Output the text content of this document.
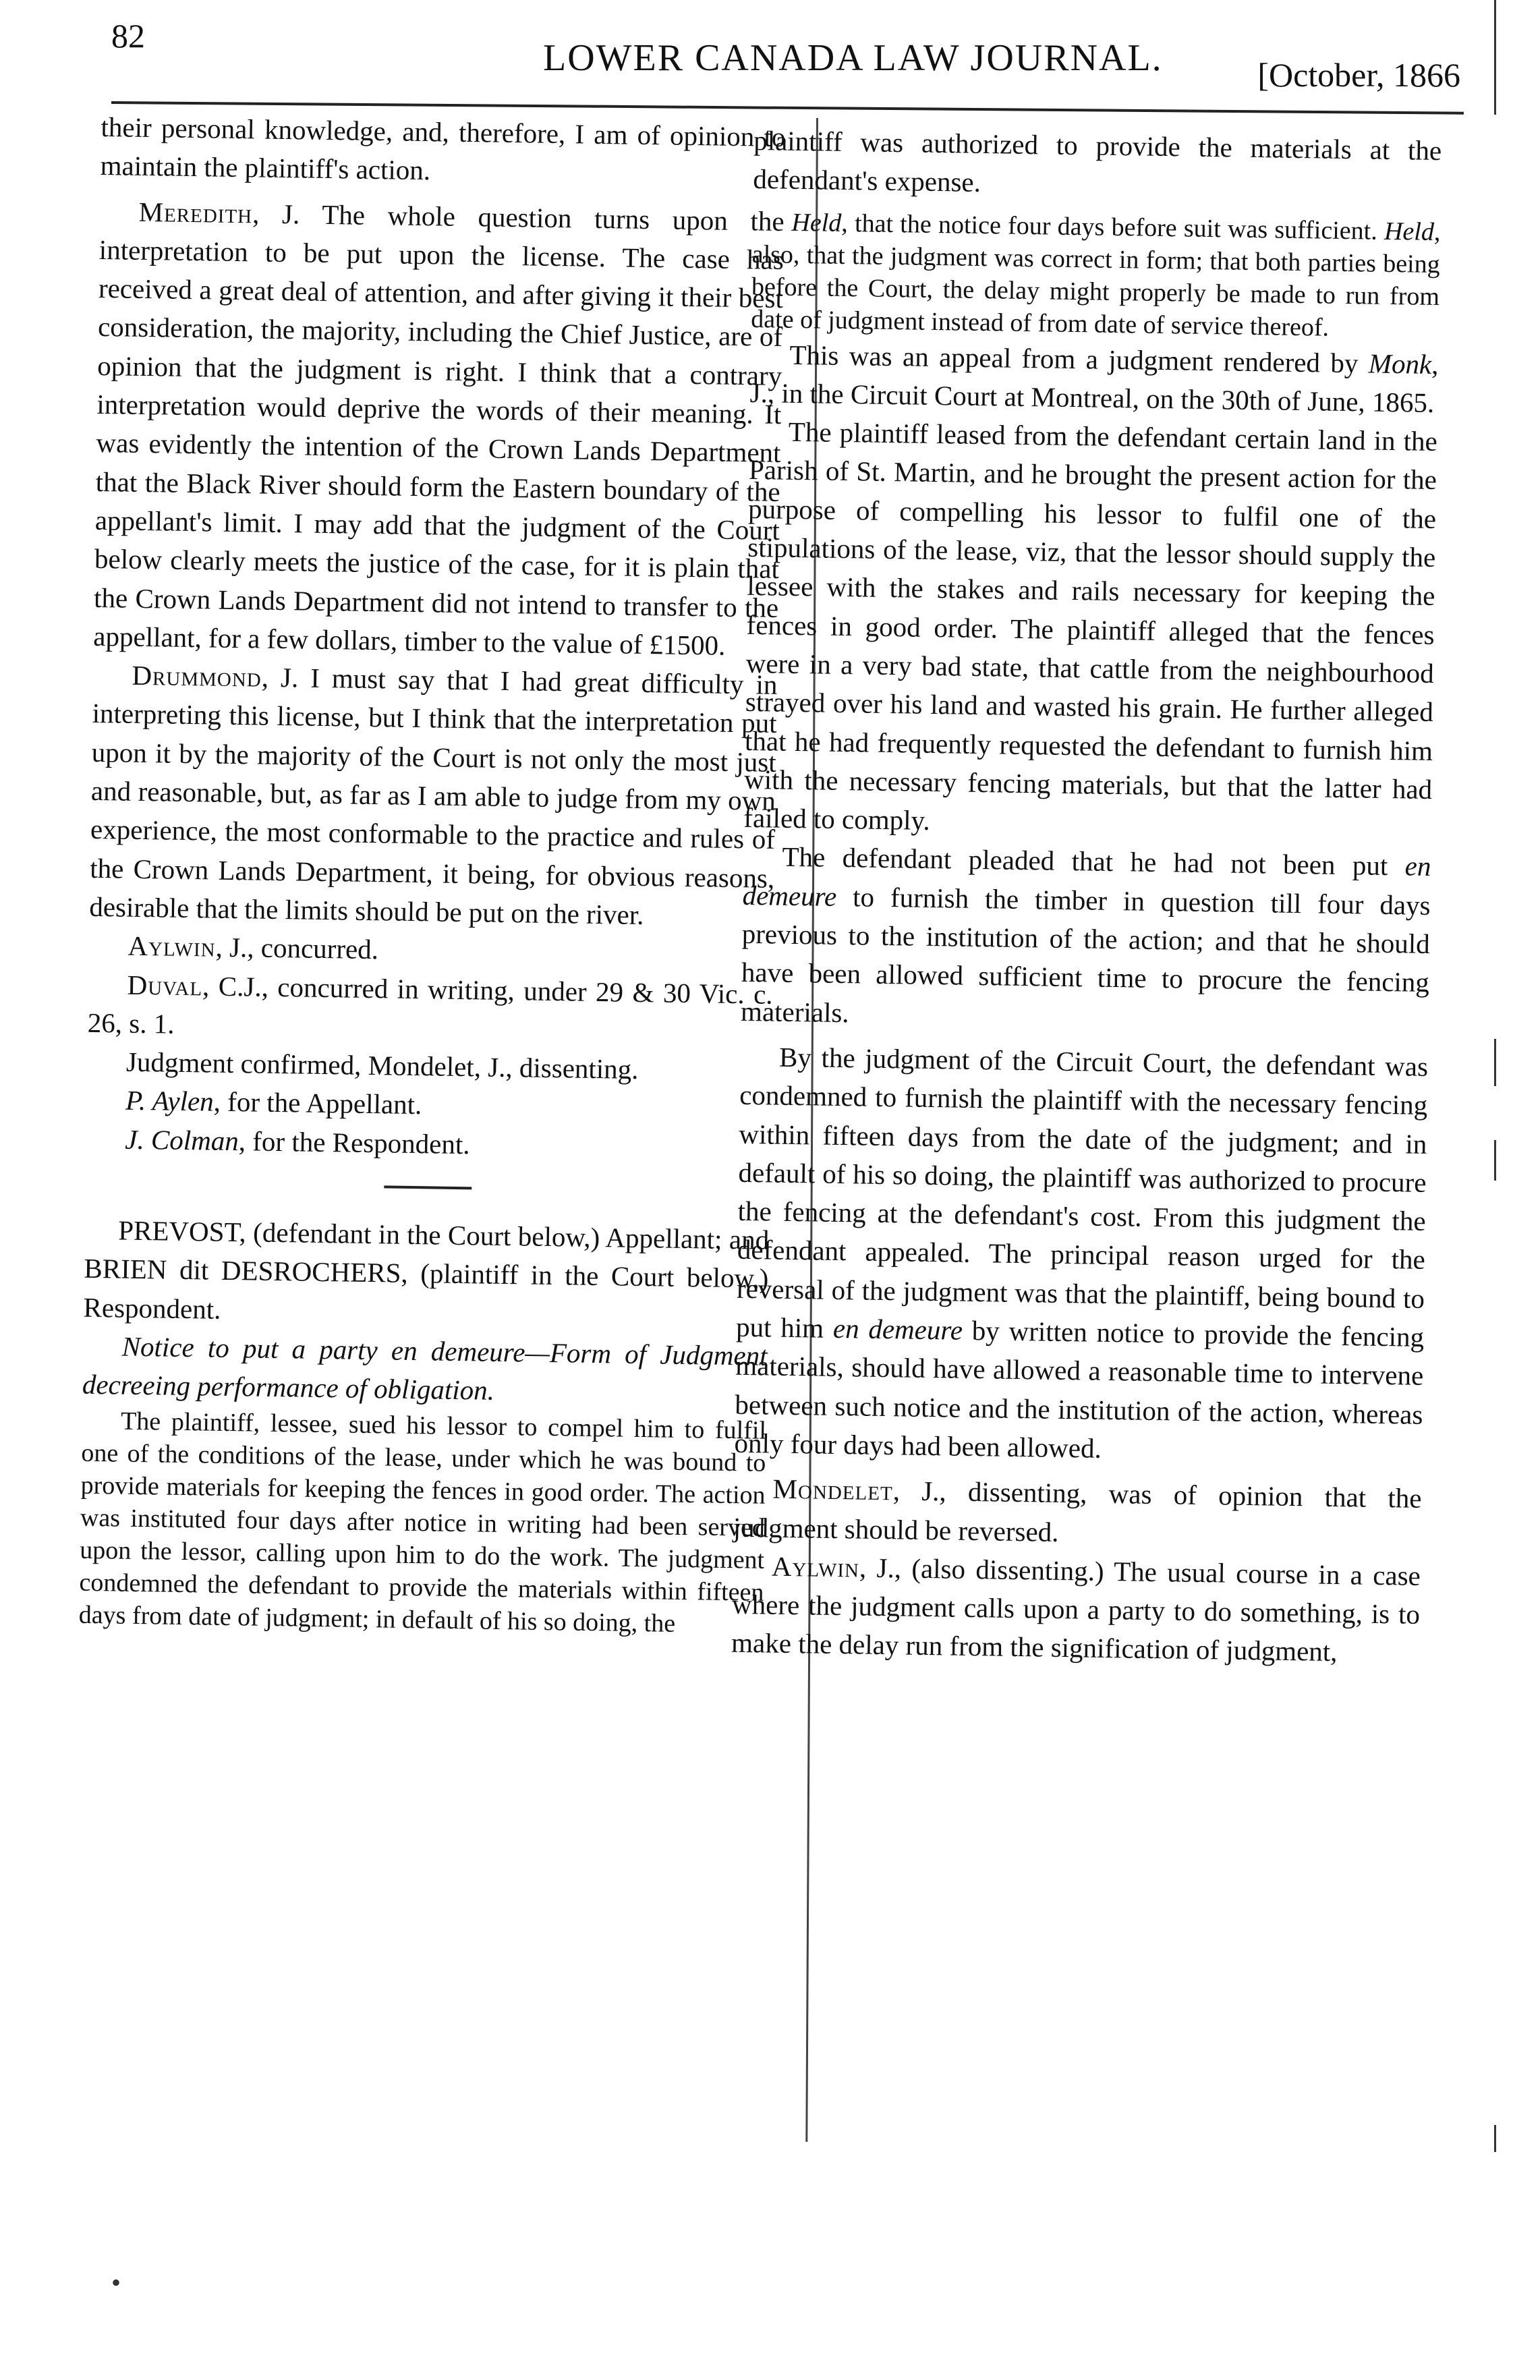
82
LOWER CANADA LAW JOURNAL.	[October, 1866
•

their personal knowledge, and, therefore, I am of opinion to maintain the plaintiff's action.

Meredith, J. The whole question turns upon the interpretation to be put upon the license. The case has received a great deal of attention, and after giving it their best consideration, the majority, including the Chief Justice, are of opinion that the judgment is right. I think that a contrary interpretation would deprive the words of their meaning. It was evidently the intention of the Crown Lands Department that the Black River should form the Eastern boundary of the appellant's limit. I may add that the judgment of the Court below clearly meets the justice of the case, for it is plain that the Crown Lands Department did not intend to transfer to the appellant, for a few dollars, timber to the value of £1500.

Drummond, J. I must say that I had great difficulty in interpreting this license, but I think that the interpretation put upon it by the majority of the Court is not only the most just and reasonable, but, as far as I am able to judge from my own experience, the most conformable to the practice and rules of the Crown Lands Department, it being, for obvious reasons, desirable that the limits should be put on the river.

Aylwin, J., concurred.

Duval, C.J., concurred in writing, under 29 & 30 Vic. c. 26, s. 1.

Judgment confirmed, Mondelet, J., dissenting.

P. Aylen, for the Appellant.

J. Colman, for the Respondent.

PREVOST, (defendant in the Court below,) Appellant; and BRIEN dit DESROCHERS, (plaintiff in the Court below,) Respondent.

Notice to put a party en demeure—Form of Judgment decreeing performance of obligation.

The plaintiff, lessee, sued his lessor to compel him to fulfil one of the conditions of the lease, under which he was bound to provide materials for keeping the fences in good order. The action was instituted four days after notice in writing had been served upon the lessor, calling upon him to do the work. The judgment condemned the defendant to provide the materials within fifteen days from date of judgment; in default of his so doing, the

plaintiff was authorized to provide the materials at the defendant's expense.

Held, that the notice four days before suit was sufficient. Held, also, that the judgment was correct in form; that both parties being before the Court, the delay might properly be made to run from date of judgment instead of from date of service thereof.

This was an appeal from a judgment rendered by Monk, J., in the Circuit Court at Montreal, on the 30th of June, 1865.

The plaintiff leased from the defendant certain land in the Parish of St. Martin, and he brought the present action for the purpose of compelling his lessor to fulfil one of the stipulations of the lease, viz, that the lessor should supply the lessee with the stakes and rails necessary for keeping the fences in good order. The plaintiff alleged that the fences were in a very bad state, that cattle from the neighbourhood strayed over his land and wasted his grain. He further alleged that he had frequently requested the defendant to furnish him with the necessary fencing materials, but that the latter had failed to comply.

The defendant pleaded that he had not been put en demeure to furnish the timber in question till four days previous to the institution of the action; and that he should have been allowed sufficient time to procure the fencing materials.

By the judgment of the Circuit Court, the defendant was condemned to furnish the plaintiff with the necessary fencing within fifteen days from the date of the judgment; and in default of his so doing, the plaintiff was authorized to procure the fencing at the defendant's cost. From this judgment the defendant appealed. The principal reason urged for the reversal of the judgment was that the plaintiff, being bound to put him en demeure by written notice to provide the fencing materials, should have allowed a reasonable time to intervene between such notice and the institution of the action, whereas only four days had been allowed.

Mondelet, J., dissenting, was of opinion that the judgment should be reversed.

Aylwin, J., (also dissenting.) The usual course in a case where the judgment calls upon a party to do something, is to make the delay run from the signification of judgment,
